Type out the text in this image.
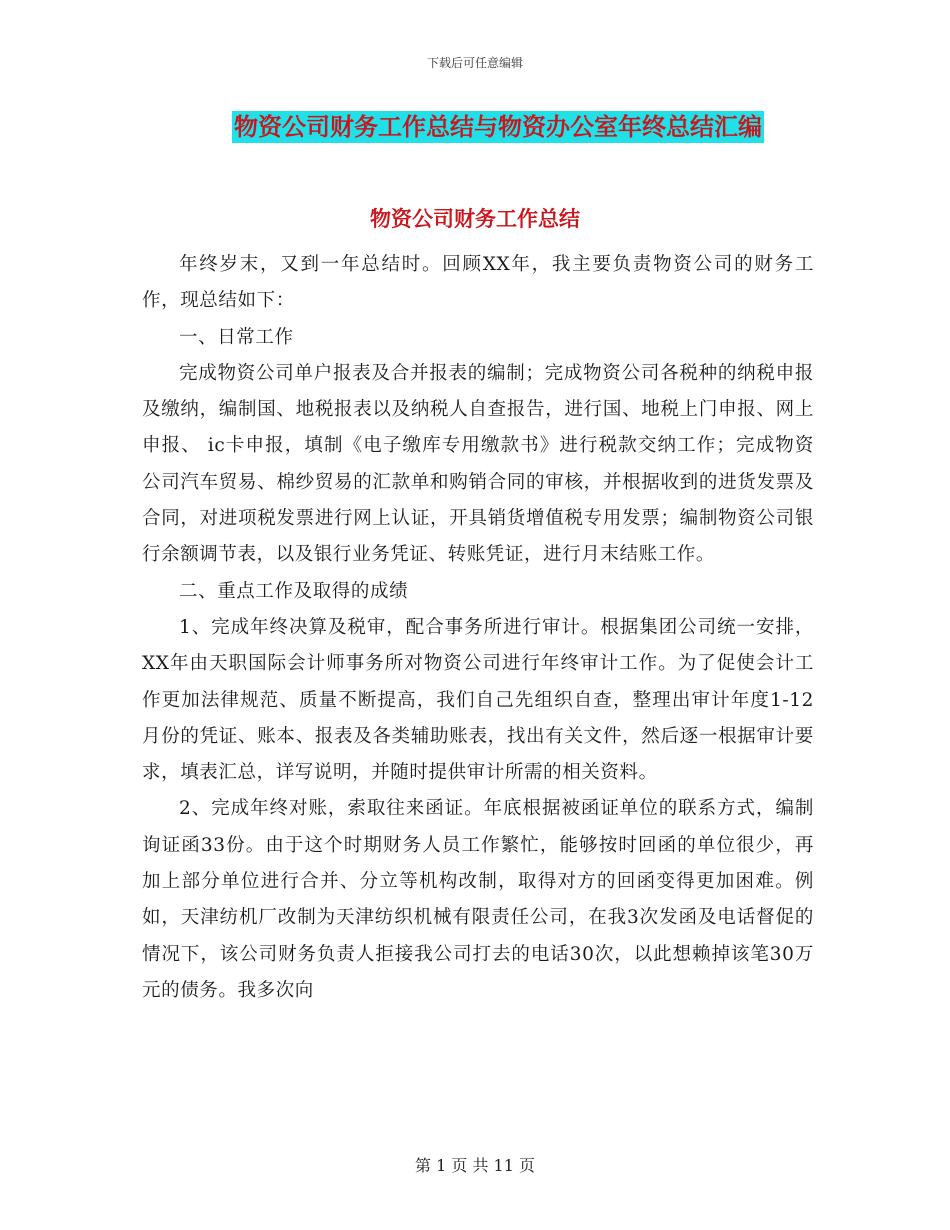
下载后可任意编辑
物资公司财务工作总结与物资办公室年终总结汇编
物资公司财务工作总结

年终岁末，又到一年总结时。回顾XX年，我主要负责物资公司的财务工作，现总结如下：

一、日常工作

完成物资公司单户报表及合并报表的编制；完成物资公司各税种的纳税申报及缴纳，编制国、地税报表以及纳税人自查报告，进行国、地税上门申报、网上申报、 ic卡申报，填制《电子缴库专用缴款书》进行税款交纳工作；完成物资公司汽车贸易、棉纱贸易的汇款单和购销合同的审核，并根据收到的进货发票及合同，对进项税发票进行网上认证，开具销货增值税专用发票；编制物资公司银行余额调节表，以及银行业务凭证、转账凭证，进行月末结账工作。

二、重点工作及取得的成绩

1、完成年终决算及税审，配合事务所进行审计。根据集团公司统一安排，XX年由天职国际会计师事务所对物资公司进行年终审计工作。为了促使会计工作更加法律规范、质量不断提高，我们自己先组织自查，整理出审计年度1-12月份的凭证、账本、报表及各类辅助账表，找出有关文件，然后逐一根据审计要求，填表汇总，详写说明，并随时提供审计所需的相关资料。

2、完成年终对账，索取往来函证。年底根据被函证单位的联系方式，编制询证函33份。由于这个时期财务人员工作繁忙，能够按时回函的单位很少，再加上部分单位进行合并、分立等机构改制，取得对方的回函变得更加困难。例如，天津纺机厂改制为天津纺织机械有限责任公司，在我3次发函及电话督促的情况下，该公司财务负责人拒接我公司打去的电话30次，以此想赖掉该笔30万元的债务。我多次向

第 1 页 共 11 页
